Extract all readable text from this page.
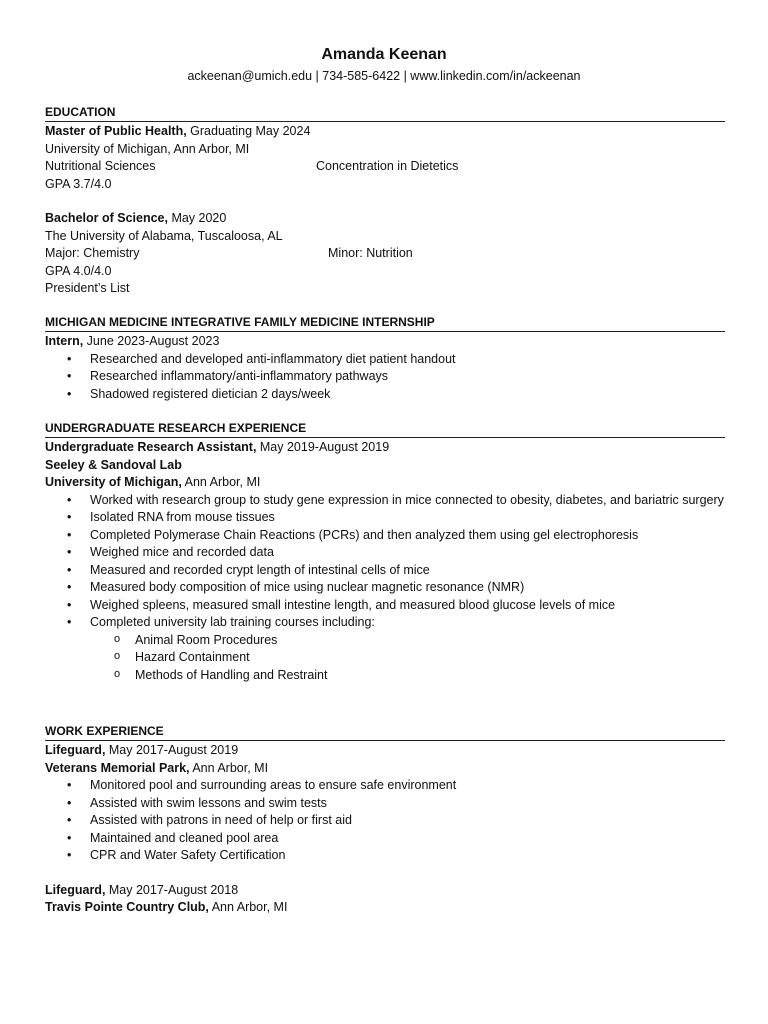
Amanda Keenan
ackeenan@umich.edu | 734-585-6422 | www.linkedin.com/in/ackeenan
EDUCATION
Master of Public Health, Graduating May 2024
University of Michigan, Ann Arbor, MI
Nutritional Sciences	Concentration in Dietetics
GPA 3.7/4.0
Bachelor of Science, May 2020
The University of Alabama, Tuscaloosa, AL
Major: Chemistry	Minor: Nutrition
GPA 4.0/4.0
President’s List
MICHIGAN MEDICINE INTEGRATIVE FAMILY MEDICINE INTERNSHIP
Intern, June 2023-August 2023
• Researched and developed anti-inflammatory diet patient handout
• Researched inflammatory/anti-inflammatory pathways
• Shadowed registered dietician 2 days/week
UNDERGRADUATE RESEARCH EXPERIENCE
Undergraduate Research Assistant, May 2019-August 2019
Seeley & Sandoval Lab
University of Michigan, Ann Arbor, MI
• Worked with research group to study gene expression in mice connected to obesity, diabetes, and bariatric surgery
• Isolated RNA from mouse tissues
• Completed Polymerase Chain Reactions (PCRs) and then analyzed them using gel electrophoresis
• Weighed mice and recorded data
• Measured and recorded crypt length of intestinal cells of mice
• Measured body composition of mice using nuclear magnetic resonance (NMR)
• Weighed spleens, measured small intestine length, and measured blood glucose levels of mice
• Completed university lab training courses including:
o Animal Room Procedures
o Hazard Containment
o Methods of Handling and Restraint
WORK EXPERIENCE
Lifeguard, May 2017-August 2019
Veterans Memorial Park, Ann Arbor, MI
• Monitored pool and surrounding areas to ensure safe environment
• Assisted with swim lessons and swim tests
• Assisted with patrons in need of help or first aid
• Maintained and cleaned pool area
• CPR and Water Safety Certification
Lifeguard, May 2017-August 2018
Travis Pointe Country Club, Ann Arbor, MI
